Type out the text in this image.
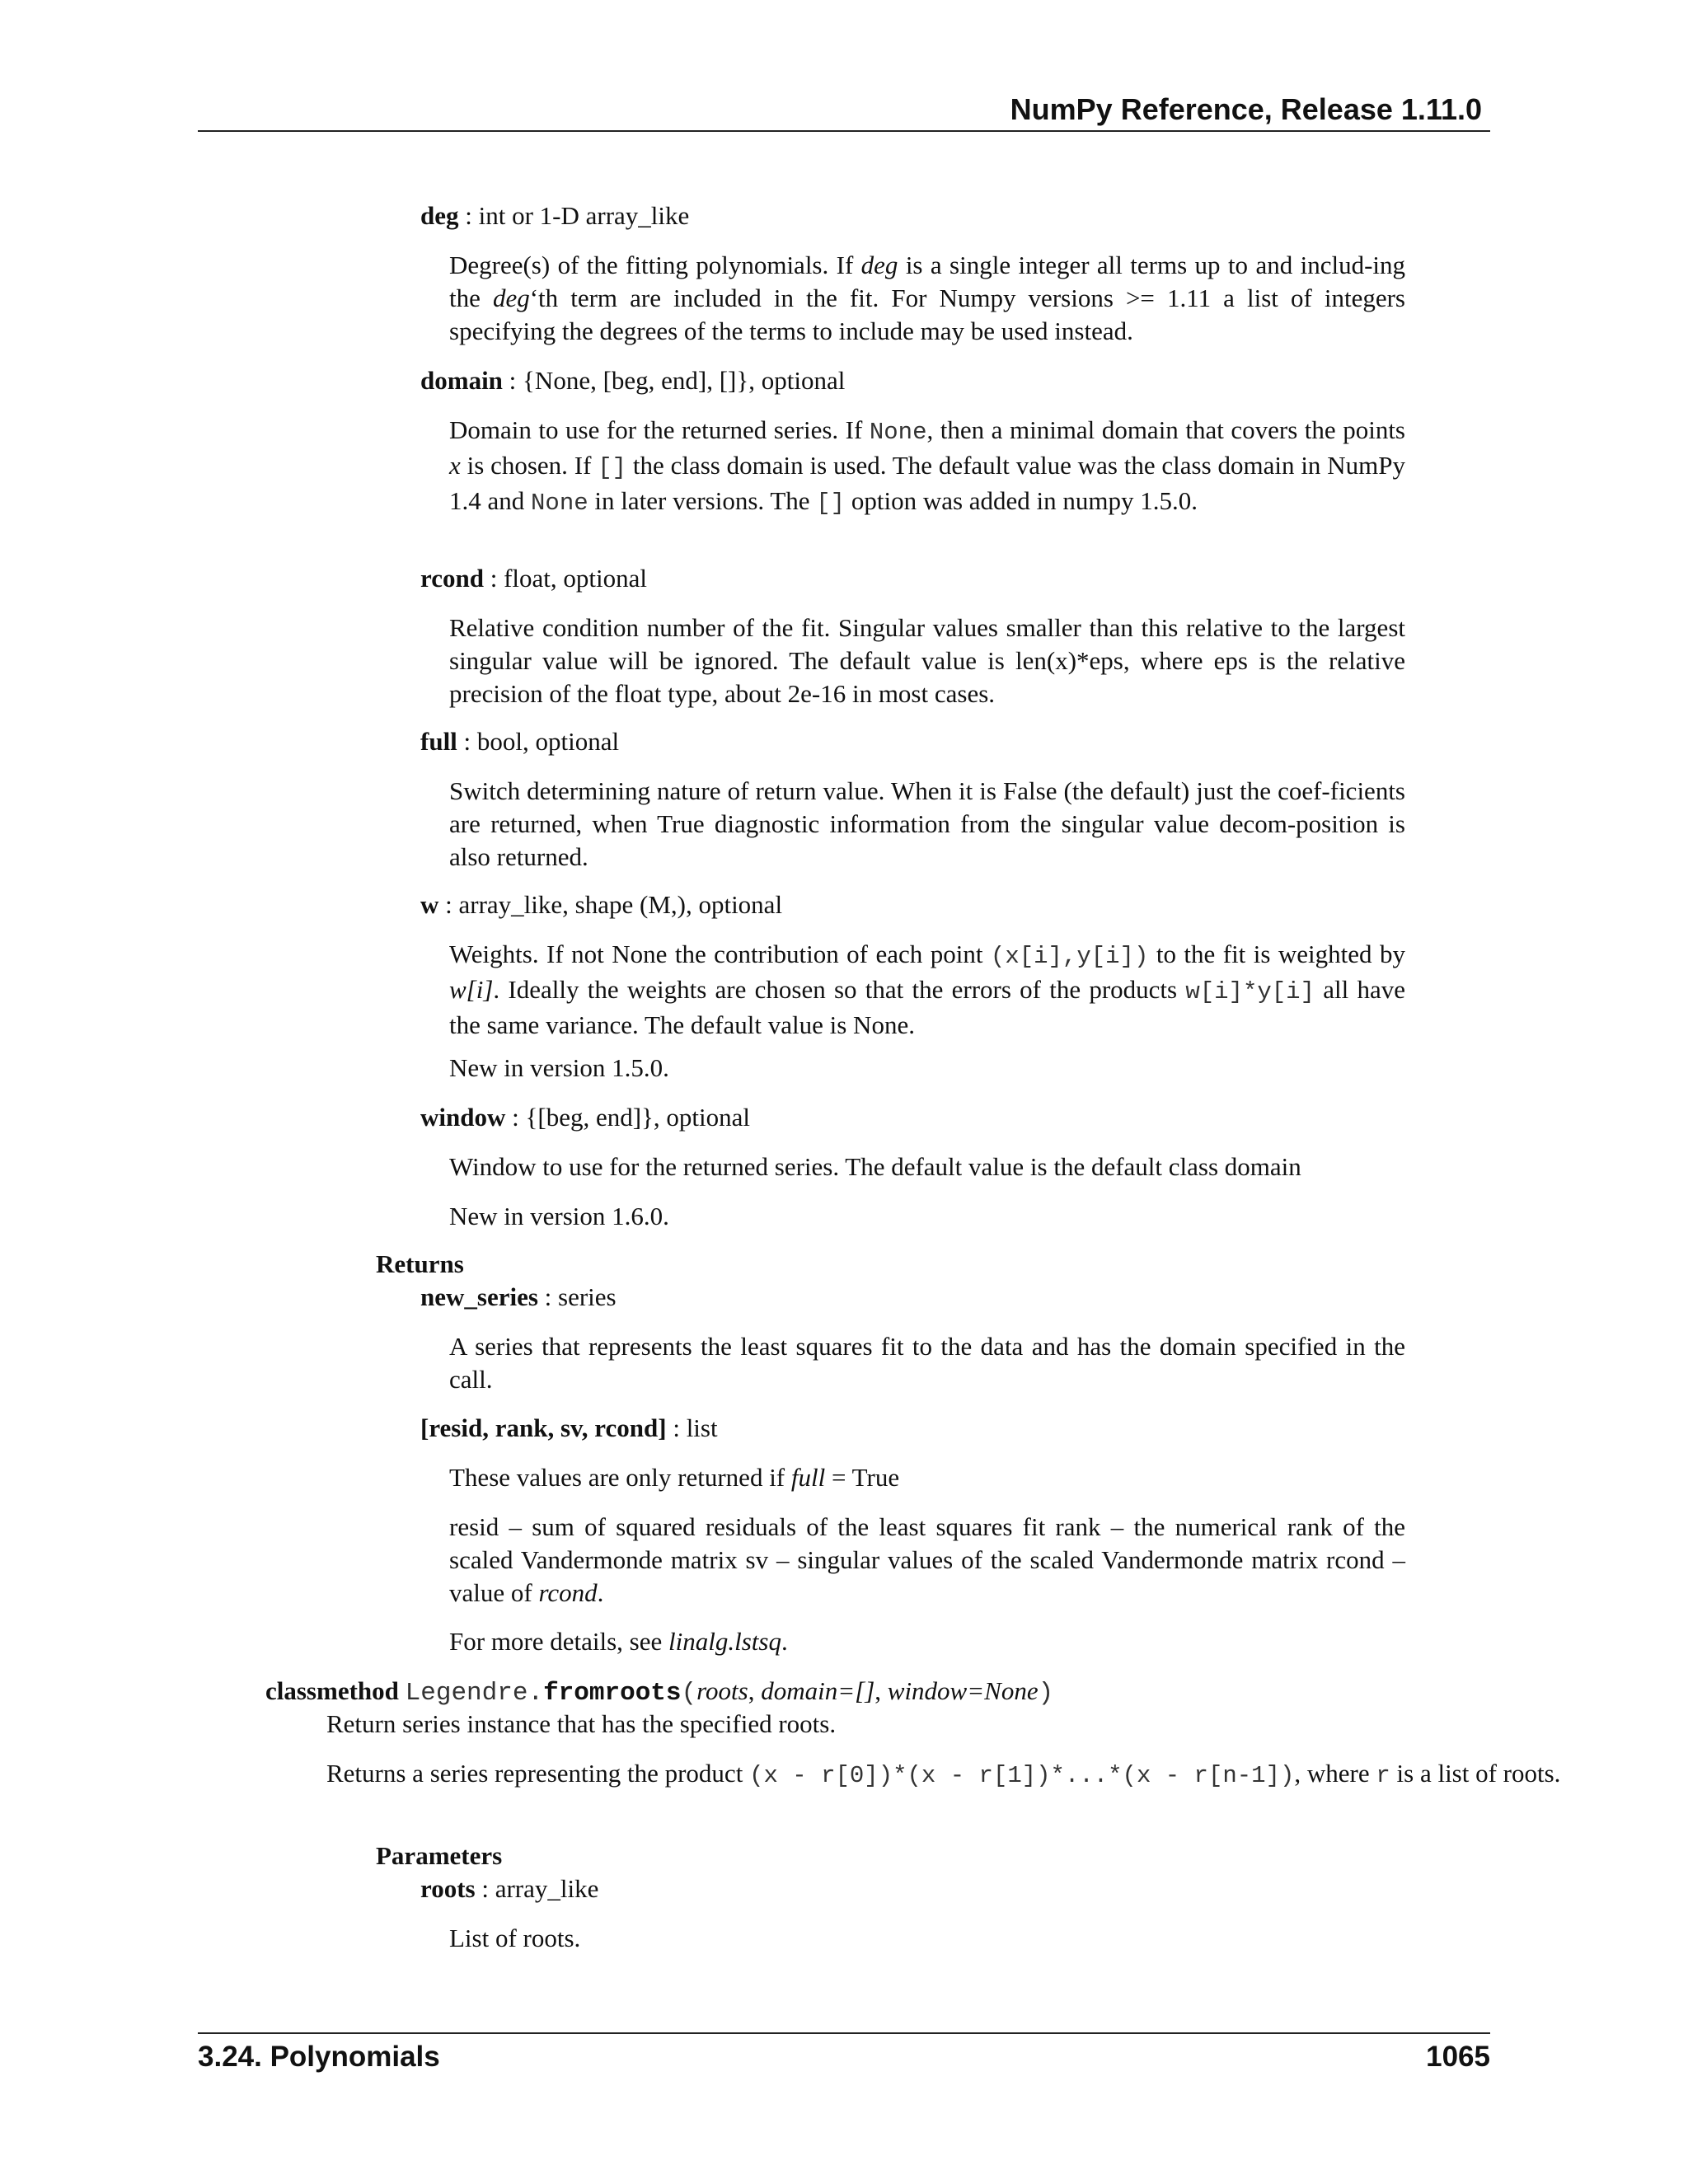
NumPy Reference, Release 1.11.0
deg : int or 1-D array_like
Degree(s) of the fitting polynomials. If deg is a single integer all terms up to and includ-ing the deg‘th term are included in the fit. For Numpy versions >= 1.11 a list of integers specifying the degrees of the terms to include may be used instead.
domain : {None, [beg, end], []}, optional
Domain to use for the returned series. If None, then a minimal domain that covers the points x is chosen. If [] the class domain is used. The default value was the class domain in NumPy 1.4 and None in later versions. The [] option was added in numpy 1.5.0.
rcond : float, optional
Relative condition number of the fit. Singular values smaller than this relative to the largest singular value will be ignored. The default value is len(x)*eps, where eps is the relative precision of the float type, about 2e-16 in most cases.
full : bool, optional
Switch determining nature of return value. When it is False (the default) just the coef-ficients are returned, when True diagnostic information from the singular value decom-position is also returned.
w : array_like, shape (M,), optional
Weights. If not None the contribution of each point (x[i],y[i]) to the fit is weighted by w[i]. Ideally the weights are chosen so that the errors of the products w[i]*y[i] all have the same variance. The default value is None.
New in version 1.5.0.
window : {[beg, end]}, optional
Window to use for the returned series. The default value is the default class domain
New in version 1.6.0.
Returns
new_series : series
A series that represents the least squares fit to the data and has the domain specified in the call.
[resid, rank, sv, rcond] : list
These values are only returned if full = True
resid – sum of squared residuals of the least squares fit rank – the numerical rank of the scaled Vandermonde matrix sv – singular values of the scaled Vandermonde matrix rcond – value of rcond.
For more details, see linalg.lstsq.
classmethod Legendre.fromroots(roots, domain=[], window=None)
Return series instance that has the specified roots.
Returns a series representing the product (x - r[0])*(x - r[1])*...*(x - r[n-1]), where r is a list of roots.
Parameters
roots : array_like
List of roots.
3.24. Polynomials	1065
